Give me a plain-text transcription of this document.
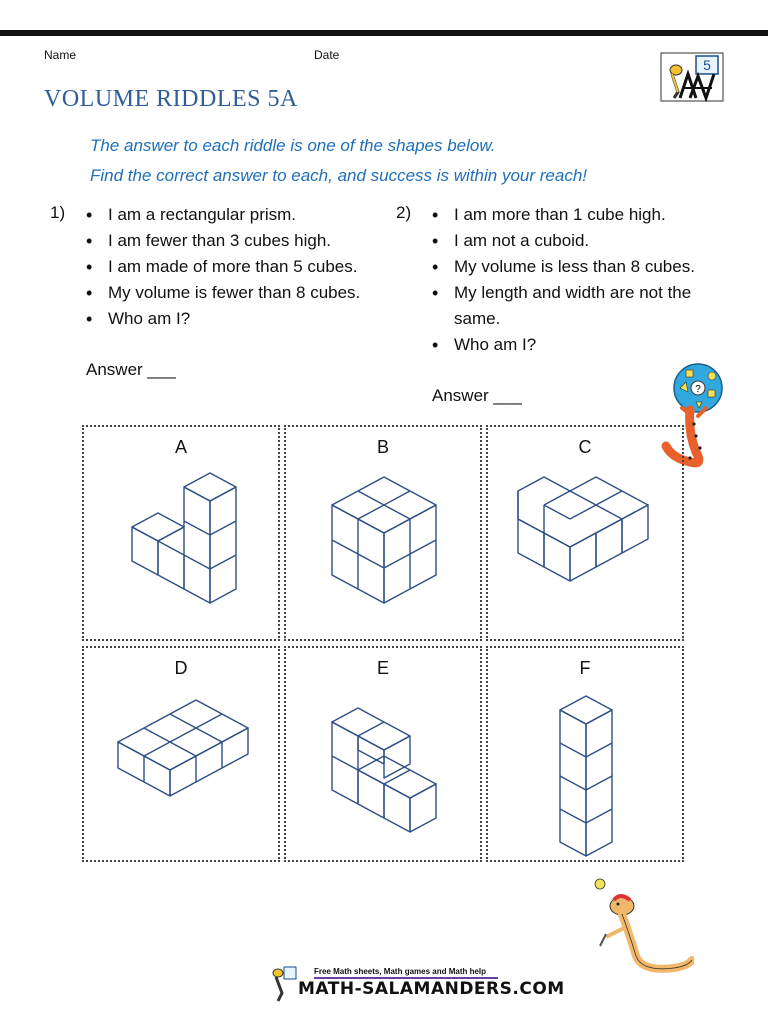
Name	Date
5
VOLUME RIDDLES 5A
The answer to each riddle is one of the shapes below.
Find the correct answer to each, and success is within your reach!
1)	• I am a rectangular prism.
• I am fewer than 3 cubes high.
• I am made of more than 5 cubes.
• My volume is fewer than 8 cubes.
• Who am I?
Answer ___
2)	• I am more than 1 cube high.
• I am not a cuboid.
• My volume is less than 8 cubes.
• My length and width are not the
same.
• Who am I?
Answer ___	?
A	B	C
D	E	F
Free Math sheets, Math games and Math help
MATH-SALAMANDERS.COM
